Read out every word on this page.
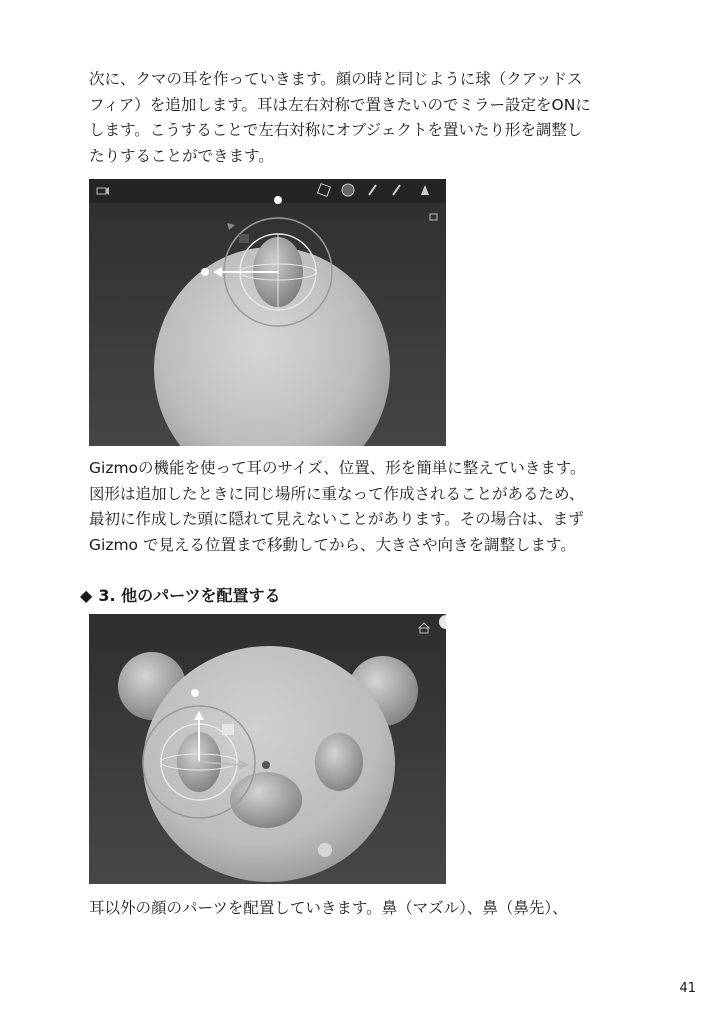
次に、クマの耳を作っていきます。顔の時と同じように球（クアッドス
フィア）を追加します。耳は左右対称で置きたいのでミラー設定をONに
します。こうすることで左右対称にオブジェクトを置いたり形を調整し
たりすることができます。
Gizmoの機能を使って耳のサイズ、位置、形を簡単に整えていきます。
図形は追加したときに同じ場所に重なって作成されることがあるため、
最初に作成した頭に隠れて見えないことがあります。その場合は、まず
Gizmo で見える位置まで移動してから、大きさや向きを調整します。
◆ 3. 他のパーツを配置する
耳以外の顔のパーツを配置していきます。鼻（マズル）、鼻（鼻先）、
41
